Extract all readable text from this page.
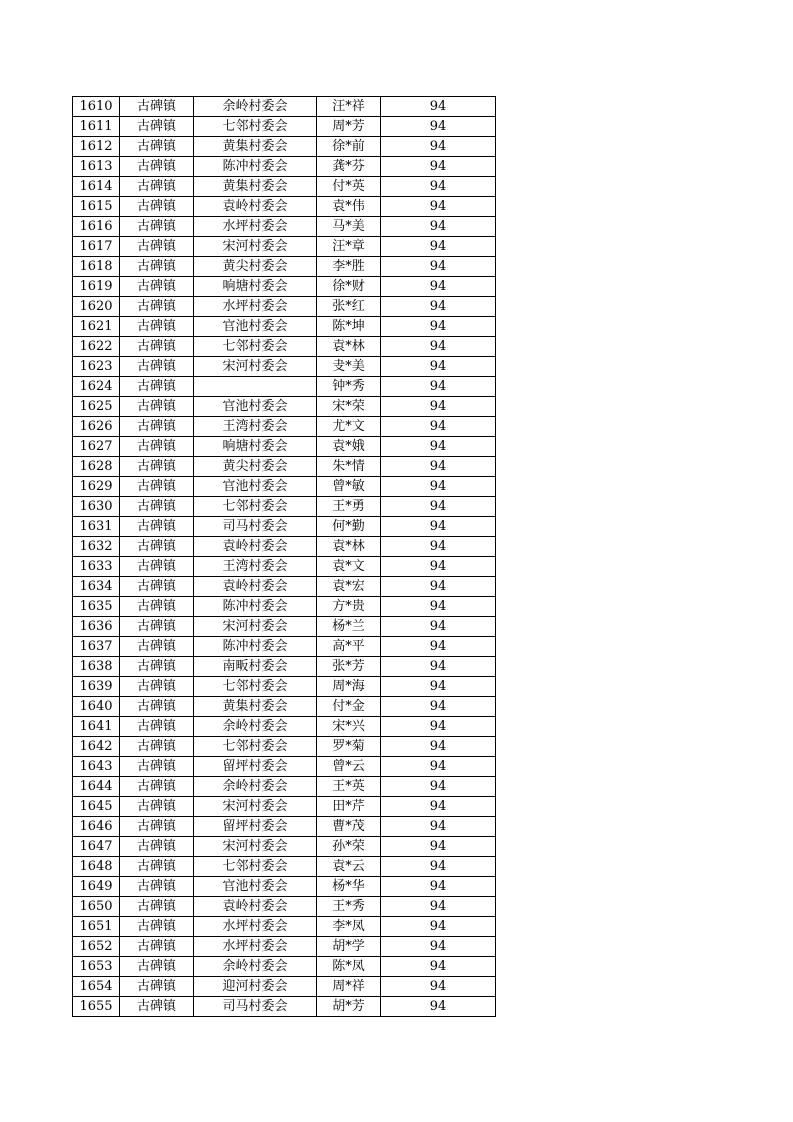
1610	古碑镇	余岭村委会	汪*祥	94
1611	古碑镇	七邻村委会	周*芳	94
1612	古碑镇	黄集村委会	徐*前	94
1613	古碑镇	陈冲村委会	龚*芬	94
1614	古碑镇	黄集村委会	付*英	94
1615	古碑镇	袁岭村委会	袁*伟	94
1616	古碑镇	水坪村委会	马*美	94
1617	古碑镇	宋河村委会	汪*章	94
1618	古碑镇	黄尖村委会	李*胜	94
1619	古碑镇	响塘村委会	徐*财	94
1620	古碑镇	水坪村委会	张*红	94
1621	古碑镇	官池村委会	陈*坤	94
1622	古碑镇	七邻村委会	袁*林	94
1623	古碑镇	宋河村委会	叏*美	94
1624	古碑镇		钟*秀	94
1625	古碑镇	官池村委会	宋*荣	94
1626	古碑镇	王湾村委会	尤*文	94
1627	古碑镇	响塘村委会	袁*娥	94
1628	古碑镇	黄尖村委会	朱*情	94
1629	古碑镇	官池村委会	曾*敏	94
1630	古碑镇	七邻村委会	王*勇	94
1631	古碑镇	司马村委会	何*勤	94
1632	古碑镇	袁岭村委会	袁*林	94
1633	古碑镇	王湾村委会	袁*文	94
1634	古碑镇	袁岭村委会	袁*宏	94
1635	古碑镇	陈冲村委会	方*贵	94
1636	古碑镇	宋河村委会	杨*兰	94
1637	古碑镇	陈冲村委会	高*平	94
1638	古碑镇	南畈村委会	张*芳	94
1639	古碑镇	七邻村委会	周*海	94
1640	古碑镇	黄集村委会	付*金	94
1641	古碑镇	余岭村委会	宋*兴	94
1642	古碑镇	七邻村委会	罗*菊	94
1643	古碑镇	留坪村委会	曾*云	94
1644	古碑镇	余岭村委会	王*英	94
1645	古碑镇	宋河村委会	田*芹	94
1646	古碑镇	留坪村委会	曹*茂	94
1647	古碑镇	宋河村委会	孙*荣	94
1648	古碑镇	七邻村委会	袁*云	94
1649	古碑镇	官池村委会	杨*华	94
1650	古碑镇	袁岭村委会	王*秀	94
1651	古碑镇	水坪村委会	李*凤	94
1652	古碑镇	水坪村委会	胡*学	94
1653	古碑镇	余岭村委会	陈*凤	94
1654	古碑镇	迎河村委会	周*祥	94
1655	古碑镇	司马村委会	胡*芳	94
